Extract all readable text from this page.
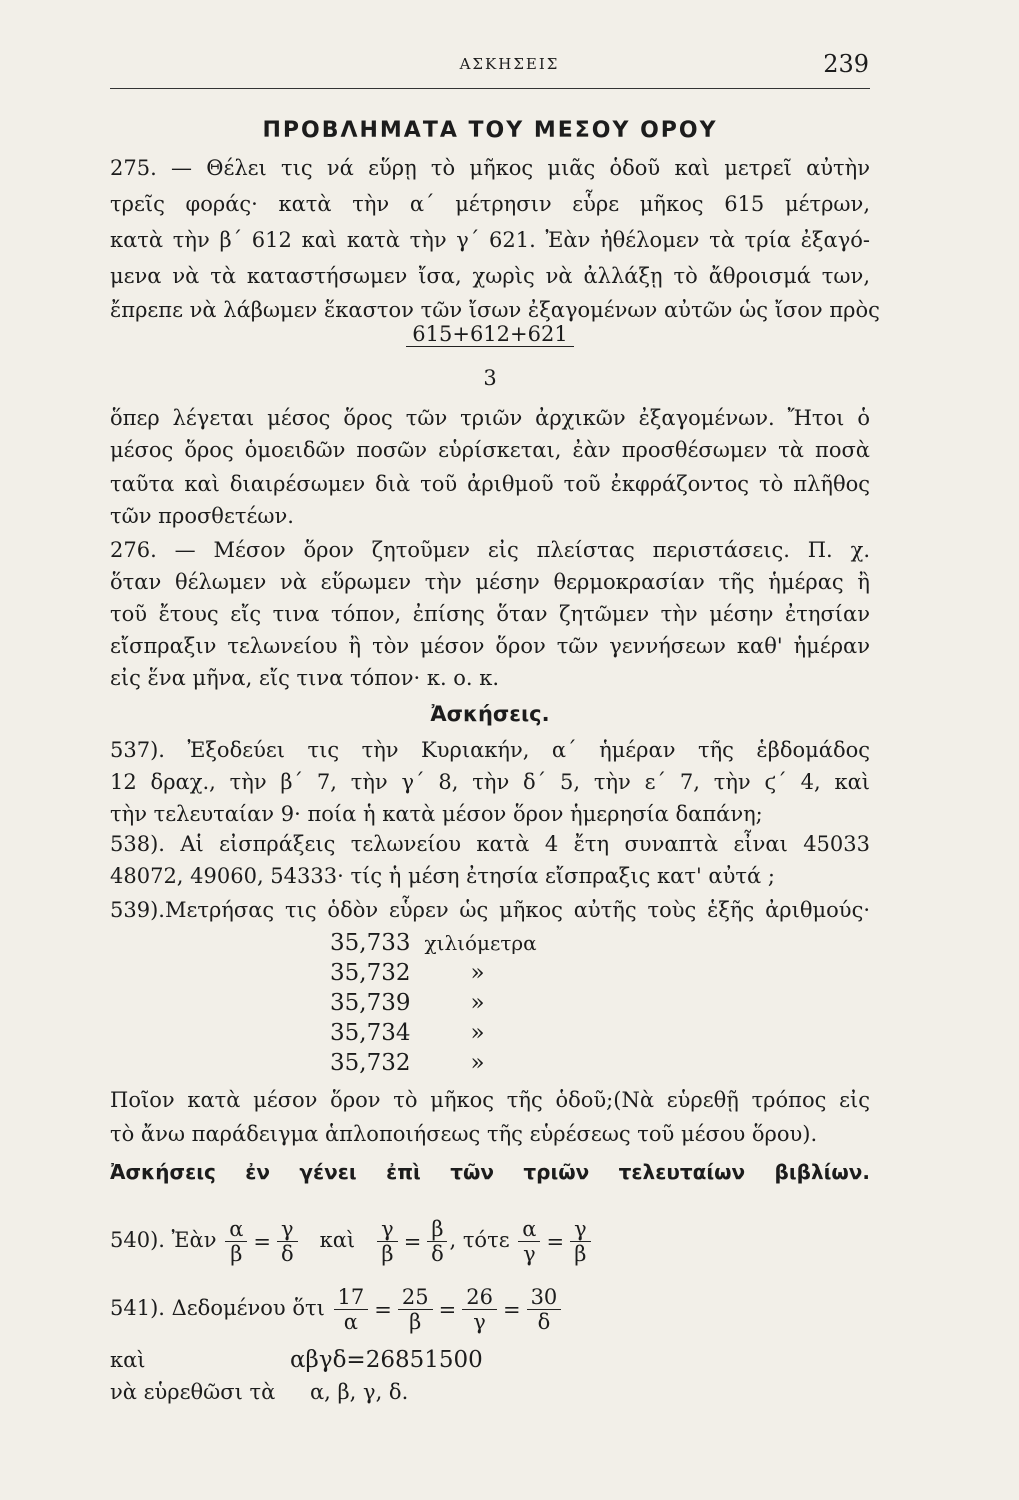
ΑΣΚΗΣΕΙΣ	239
ΠΡΟΒΛΗΜΑΤΑ ΤΟΥ ΜΕΣΟΥ ΟΡΟΥ
275. — Θέλει τις νά εὕρῃ τὸ μῆκος μιᾶς ὁδοῦ καὶ μετρεῖ αὐτὴν
τρεῖς φοράς· κατὰ τὴν α΄ μέτρησιν εὗρε μῆκος 615 μέτρων,
κατὰ τὴν β΄ 612 καὶ κατὰ τὴν γ΄ 621. Ἐὰν ἠθέλομεν τὰ τρία ἐξαγό-
μενα νὰ τὰ καταστήσωμεν ἴσα, χωρὶς νὰ ἀλλάξῃ τὸ ἄθροισμά των,
ἔπρεπε νὰ λάβωμεν ἕκαστον τῶν ἴσων ἐξαγομένων αὐτῶν ὡς ἴσον πρὸς
615+612+621
3
ὅπερ λέγεται μέσος ὅρος τῶν τριῶν ἀρχικῶν ἐξαγομένων. Ἤτοι ὁ
μέσος ὅρος ὁμοειδῶν ποσῶν εὑρίσκεται, ἐὰν προσθέσωμεν τὰ ποσὰ
ταῦτα καὶ διαιρέσωμεν διὰ τοῦ ἀριθμοῦ τοῦ ἐκφράζοντος τὸ πλῆθος
τῶν προσθετέων.
276. — Μέσον ὅρον ζητοῦμεν εἰς πλείστας περιστάσεις. Π. χ.
ὅταν θέλωμεν νὰ εὕρωμεν τὴν μέσην θερμοκρασίαν τῆς ἡμέρας ἢ
τοῦ ἔτους εἴς τινα τόπον, ἐπίσης ὅταν ζητῶμεν τὴν μέσην ἐτησίαν
εἴσπραξιν τελωνείου ἢ τὸν μέσον ὅρον τῶν γεννήσεων καθ' ἡμέραν
εἰς ἕνα μῆνα, εἴς τινα τόπον· κ. ο. κ.
Ἀσκήσεις.
537). Ἐξοδεύει τις τὴν Κυριακήν, α΄ ἡμέραν τῆς ἑβδομάδος
12 δραχ., τὴν β΄ 7, τὴν γ΄ 8, τὴν δ΄ 5, τὴν ε΄ 7, τὴν ϛ΄ 4, καὶ
τὴν τελευταίαν 9· ποία ἡ κατὰ μέσον ὅρον ἡμερησία δαπάνη;
538). Αἱ εἰσπράξεις τελωνείου κατὰ 4 ἔτη συναπτὰ εἶναι 45033
48072, 49060, 54333· τίς ἡ μέση ἐτησία εἴσπραξις κατ' αὐτά ;
539).Μετρήσας τις ὁδὸν εὗρεν ὡς μῆκος αὐτῆς τοὺς ἑξῆς ἀριθμούς·
35,733 χιλιόμετρα
35,732	»
35,739	»
35,734	»
35,732	»
Ποῖον κατὰ μέσον ὅρον τὸ μῆκος τῆς ὁδοῦ;(Νὰ εὑρεθῇ τρόπος εἰς
τὸ ἄνω παράδειγμα ἁπλοποιήσεως τῆς εὑρέσεως τοῦ μέσου ὅρου).
Ἀσκήσεις ἐν γένει ἐπὶ τῶν τριῶν τελευταίων βιβλίων.
540). Ἐὰν $\frac{\alpha}{\beta} = \frac{\gamma}{\delta}$ καὶ $\frac{\gamma}{\beta} = \frac{\beta}{\delta}$ , τότε $\frac{\alpha}{\gamma} = \frac{\gamma}{\beta}$
541). Δεδομένου ὅτι $\frac{17}{\alpha} = \frac{25}{\beta} = \frac{26}{\gamma} = \frac{30}{\delta}$
καὶ	αβγδ=26851500
νὰ εὑρεθῶσι τὰ α, β, γ, δ.
